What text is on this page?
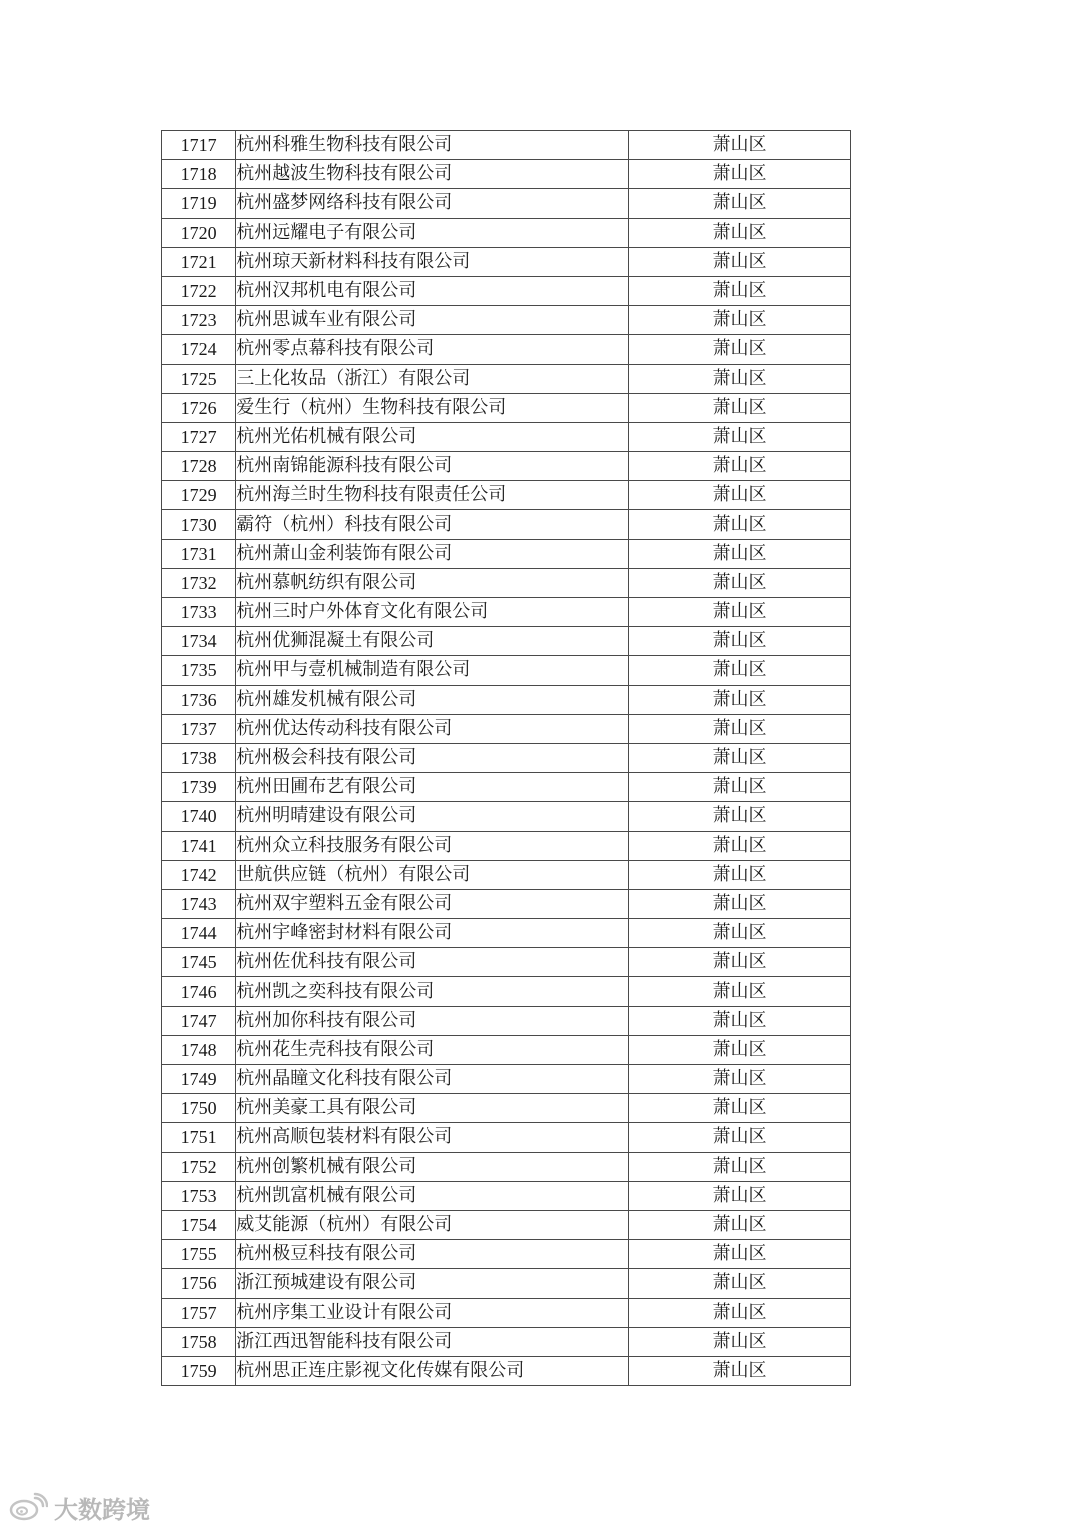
1717	杭州科雅生物科技有限公司	萧山区
1718	杭州越波生物科技有限公司	萧山区
1719	杭州盛梦网络科技有限公司	萧山区
1720	杭州远耀电子有限公司	萧山区
1721	杭州琼天新材料科技有限公司	萧山区
1722	杭州汉邦机电有限公司	萧山区
1723	杭州思诚车业有限公司	萧山区
1724	杭州零点幕科技有限公司	萧山区
1725	三上化妆品（浙江）有限公司	萧山区
1726	爱生行（杭州）生物科技有限公司	萧山区
1727	杭州光佑机械有限公司	萧山区
1728	杭州南锦能源科技有限公司	萧山区
1729	杭州海兰时生物科技有限责任公司	萧山区
1730	霸符（杭州）科技有限公司	萧山区
1731	杭州萧山金利装饰有限公司	萧山区
1732	杭州慕帆纺织有限公司	萧山区
1733	杭州三时户外体育文化有限公司	萧山区
1734	杭州优狮混凝土有限公司	萧山区
1735	杭州甲与壹机械制造有限公司	萧山区
1736	杭州雄发机械有限公司	萧山区
1737	杭州优达传动科技有限公司	萧山区
1738	杭州极会科技有限公司	萧山区
1739	杭州田圃布艺有限公司	萧山区
1740	杭州明晴建设有限公司	萧山区
1741	杭州众立科技服务有限公司	萧山区
1742	世航供应链（杭州）有限公司	萧山区
1743	杭州双宇塑料五金有限公司	萧山区
1744	杭州宇峰密封材料有限公司	萧山区
1745	杭州佐优科技有限公司	萧山区
1746	杭州凯之奕科技有限公司	萧山区
1747	杭州加你科技有限公司	萧山区
1748	杭州花生壳科技有限公司	萧山区
1749	杭州晶瞳文化科技有限公司	萧山区
1750	杭州美豪工具有限公司	萧山区
1751	杭州高顺包装材料有限公司	萧山区
1752	杭州创繁机械有限公司	萧山区
1753	杭州凯富机械有限公司	萧山区
1754	威艾能源（杭州）有限公司	萧山区
1755	杭州极豆科技有限公司	萧山区
1756	浙江预城建设有限公司	萧山区
1757	杭州序集工业设计有限公司	萧山区
1758	浙江西迅智能科技有限公司	萧山区
1759	杭州思正连庄影视文化传媒有限公司	萧山区
大数跨境
